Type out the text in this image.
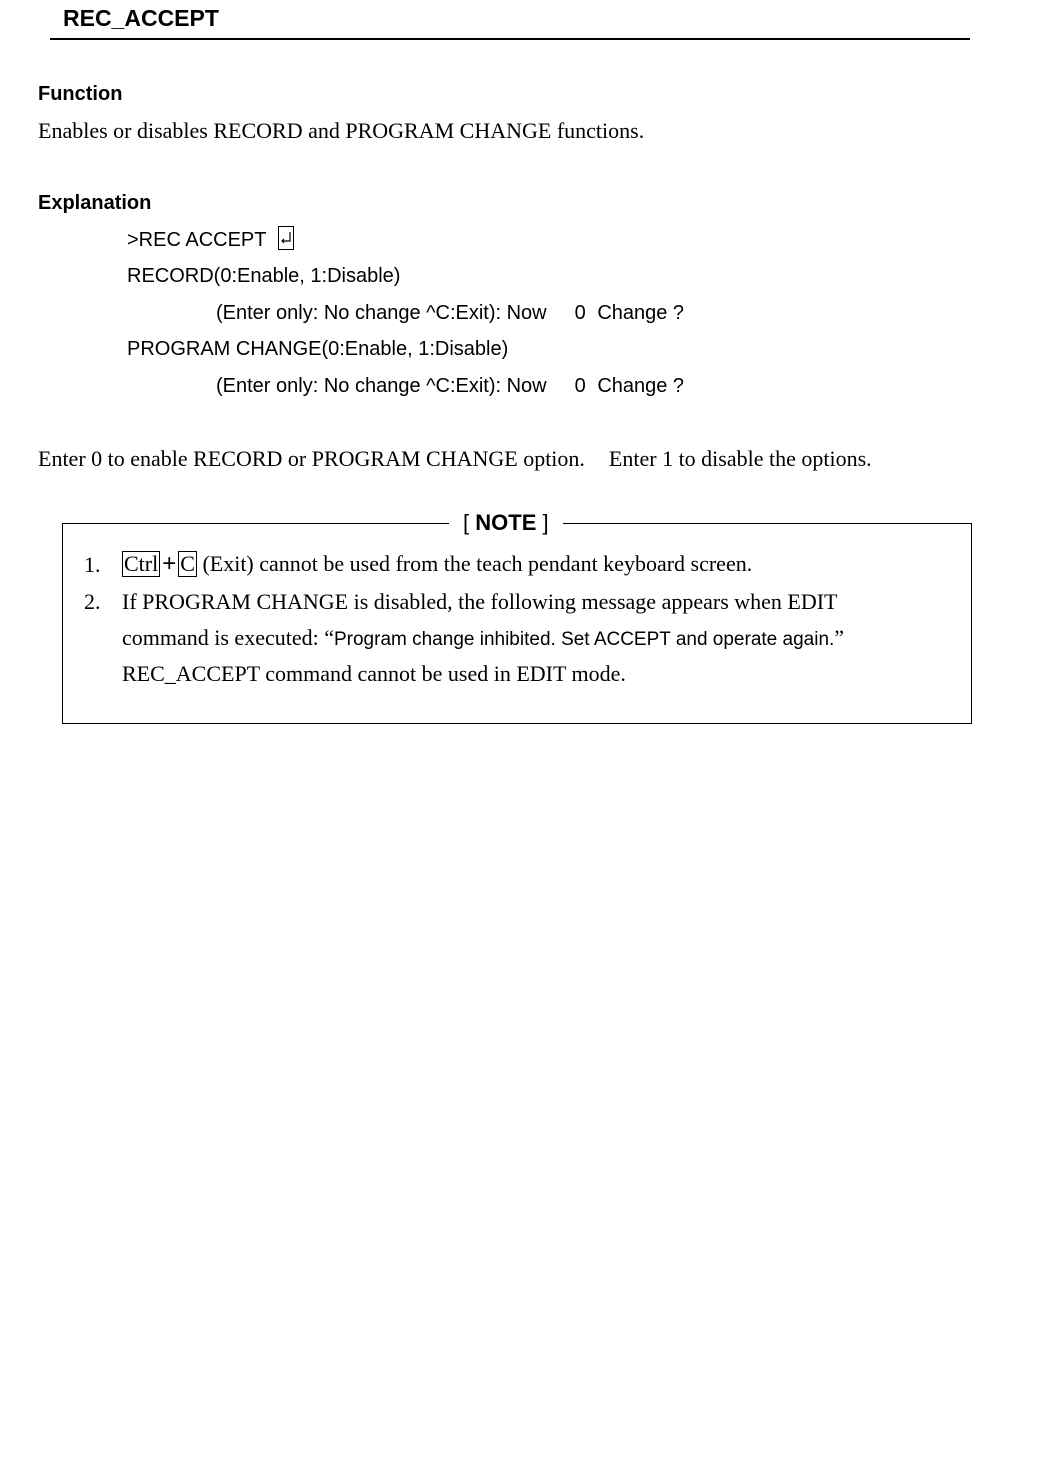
REC_ACCEPT
Function
Enables or disables RECORD and PROGRAM CHANGE functions.
Explanation
>REC ACCEPT
RECORD(0:Enable, 1:Disable)
(Enter only: No change ^C:Exit): Now 0 Change ?
PROGRAM CHANGE(0:Enable, 1:Disable)
(Enter only: No change ^C:Exit): Now 0 Change ?
Enter 0 to enable RECORD or PROGRAM CHANGE option. Enter 1 to disable the options.
[ NOTE ]
1. Ctrl + C (Exit) cannot be used from the teach pendant keyboard screen.
2. If PROGRAM CHANGE is disabled, the following message appears when EDIT
command is executed: “Program change inhibited. Set ACCEPT and operate again.”
REC_ACCEPT command cannot be used in EDIT mode.
